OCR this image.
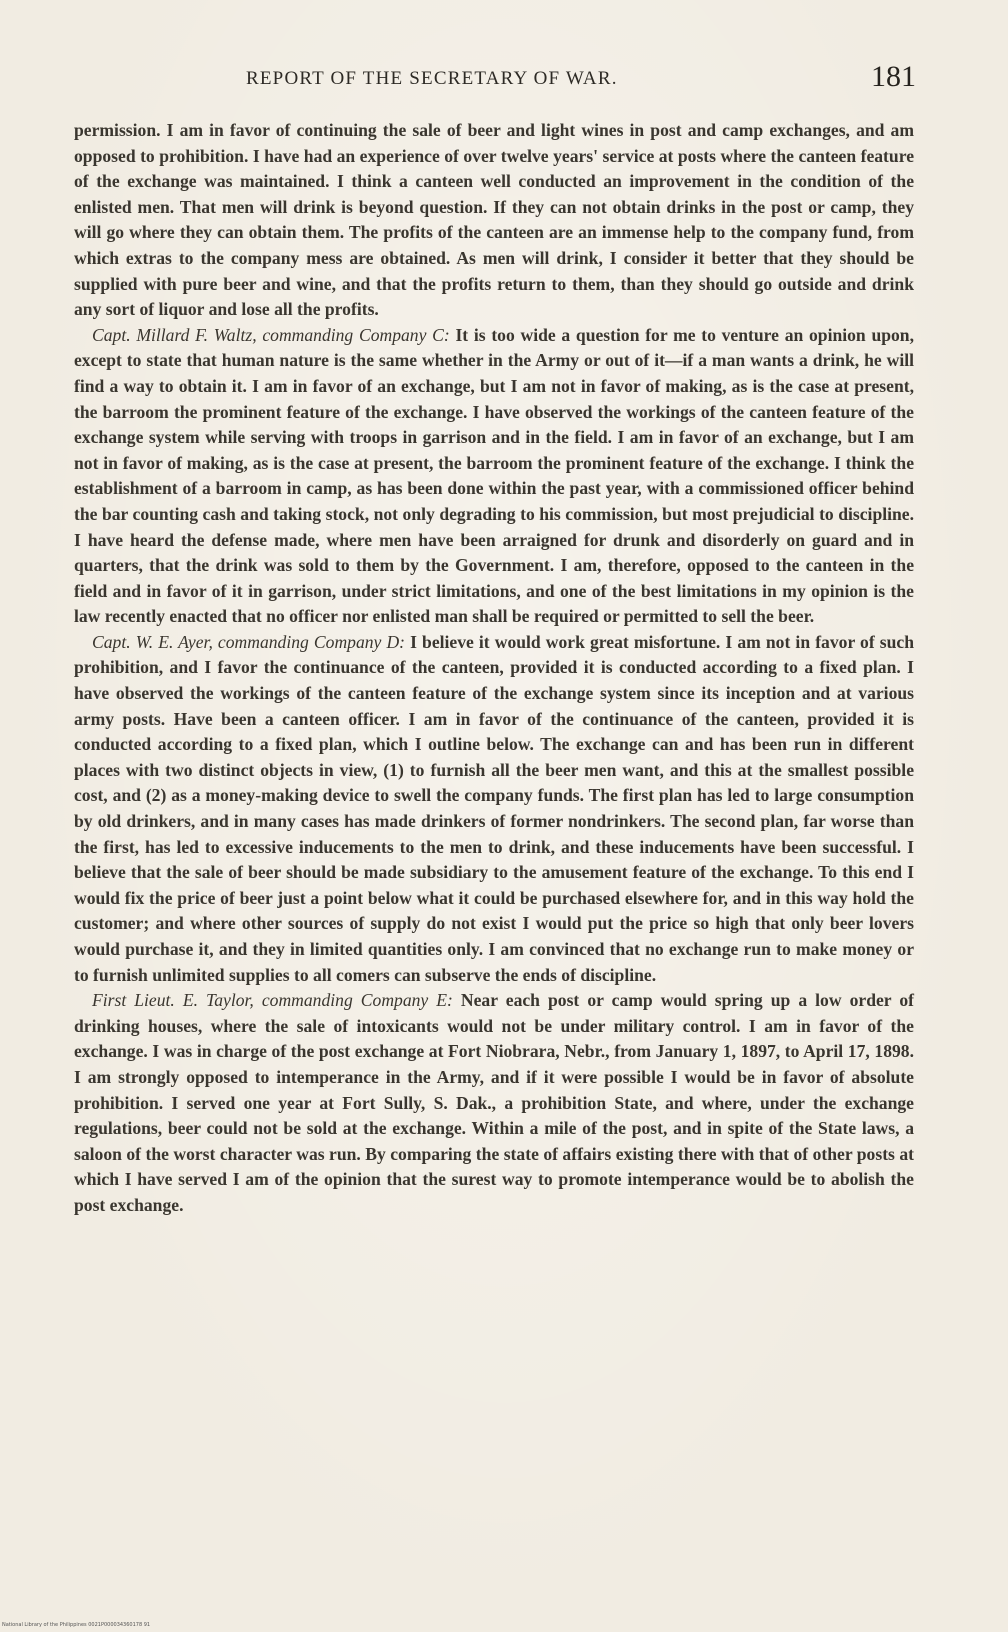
REPORT OF THE SECRETARY OF WAR.	181

permission. I am in favor of continuing the sale of beer and light wines in post and camp exchanges, and am opposed to prohibition. I have had an experience of over twelve years' service at posts where the canteen feature of the exchange was maintained. I think a canteen well conducted an improvement in the condition of the enlisted men. That men will drink is beyond question. If they can not obtain drinks in the post or camp, they will go where they can obtain them. The profits of the canteen are an immense help to the company fund, from which extras to the company mess are obtained. As men will drink, I consider it better that they should be supplied with pure beer and wine, and that the profits return to them, than they should go outside and drink any sort of liquor and lose all the profits.

Capt. Millard F. Waltz, commanding Company C: It is too wide a question for me to venture an opinion upon, except to state that human nature is the same whether in the Army or out of it—if a man wants a drink, he will find a way to obtain it. I am in favor of an exchange, but I am not in favor of making, as is the case at present, the barroom the prominent feature of the exchange. I have observed the workings of the canteen feature of the exchange system while serving with troops in garrison and in the field. I am in favor of an exchange, but I am not in favor of making, as is the case at present, the barroom the prominent feature of the exchange. I think the establishment of a barroom in camp, as has been done within the past year, with a commissioned officer behind the bar counting cash and taking stock, not only degrading to his commission, but most prejudicial to discipline. I have heard the defense made, where men have been arraigned for drunk and disorderly on guard and in quarters, that the drink was sold to them by the Government. I am, therefore, opposed to the canteen in the field and in favor of it in garrison, under strict limitations, and one of the best limitations in my opinion is the law recently enacted that no officer nor enlisted man shall be required or permitted to sell the beer.

Capt. W. E. Ayer, commanding Company D: I believe it would work great misfortune. I am not in favor of such prohibition, and I favor the continuance of the canteen, provided it is conducted according to a fixed plan. I have observed the workings of the canteen feature of the exchange system since its inception and at various army posts. Have been a canteen officer. I am in favor of the continuance of the canteen, provided it is conducted according to a fixed plan, which I outline below. The exchange can and has been run in different places with two distinct objects in view, (1) to furnish all the beer men want, and this at the smallest possible cost, and (2) as a money-making device to swell the company funds. The first plan has led to large consumption by old drinkers, and in many cases has made drinkers of former nondrinkers. The second plan, far worse than the first, has led to excessive inducements to the men to drink, and these inducements have been successful. I believe that the sale of beer should be made subsidiary to the amusement feature of the exchange. To this end I would fix the price of beer just a point below what it could be purchased elsewhere for, and in this way hold the customer; and where other sources of supply do not exist I would put the price so high that only beer lovers would purchase it, and they in limited quantities only. I am convinced that no exchange run to make money or to furnish unlimited supplies to all comers can subserve the ends of discipline.

First Lieut. E. Taylor, commanding Company E: Near each post or camp would spring up a low order of drinking houses, where the sale of intoxicants would not be under military control. I am in favor of the exchange. I was in charge of the post exchange at Fort Niobrara, Nebr., from January 1, 1897, to April 17, 1898. I am strongly opposed to intemperance in the Army, and if it were possible I would be in favor of absolute prohibition. I served one year at Fort Sully, S. Dak., a prohibition State, and where, under the exchange regulations, beer could not be sold at the exchange. Within a mile of the post, and in spite of the State laws, a saloon of the worst character was run. By comparing the state of affairs existing there with that of other posts at which I have served I am of the opinion that the surest way to promote intemperance would be to abolish the post exchange.

National Library of the Philippines 0021P000034360178 91
